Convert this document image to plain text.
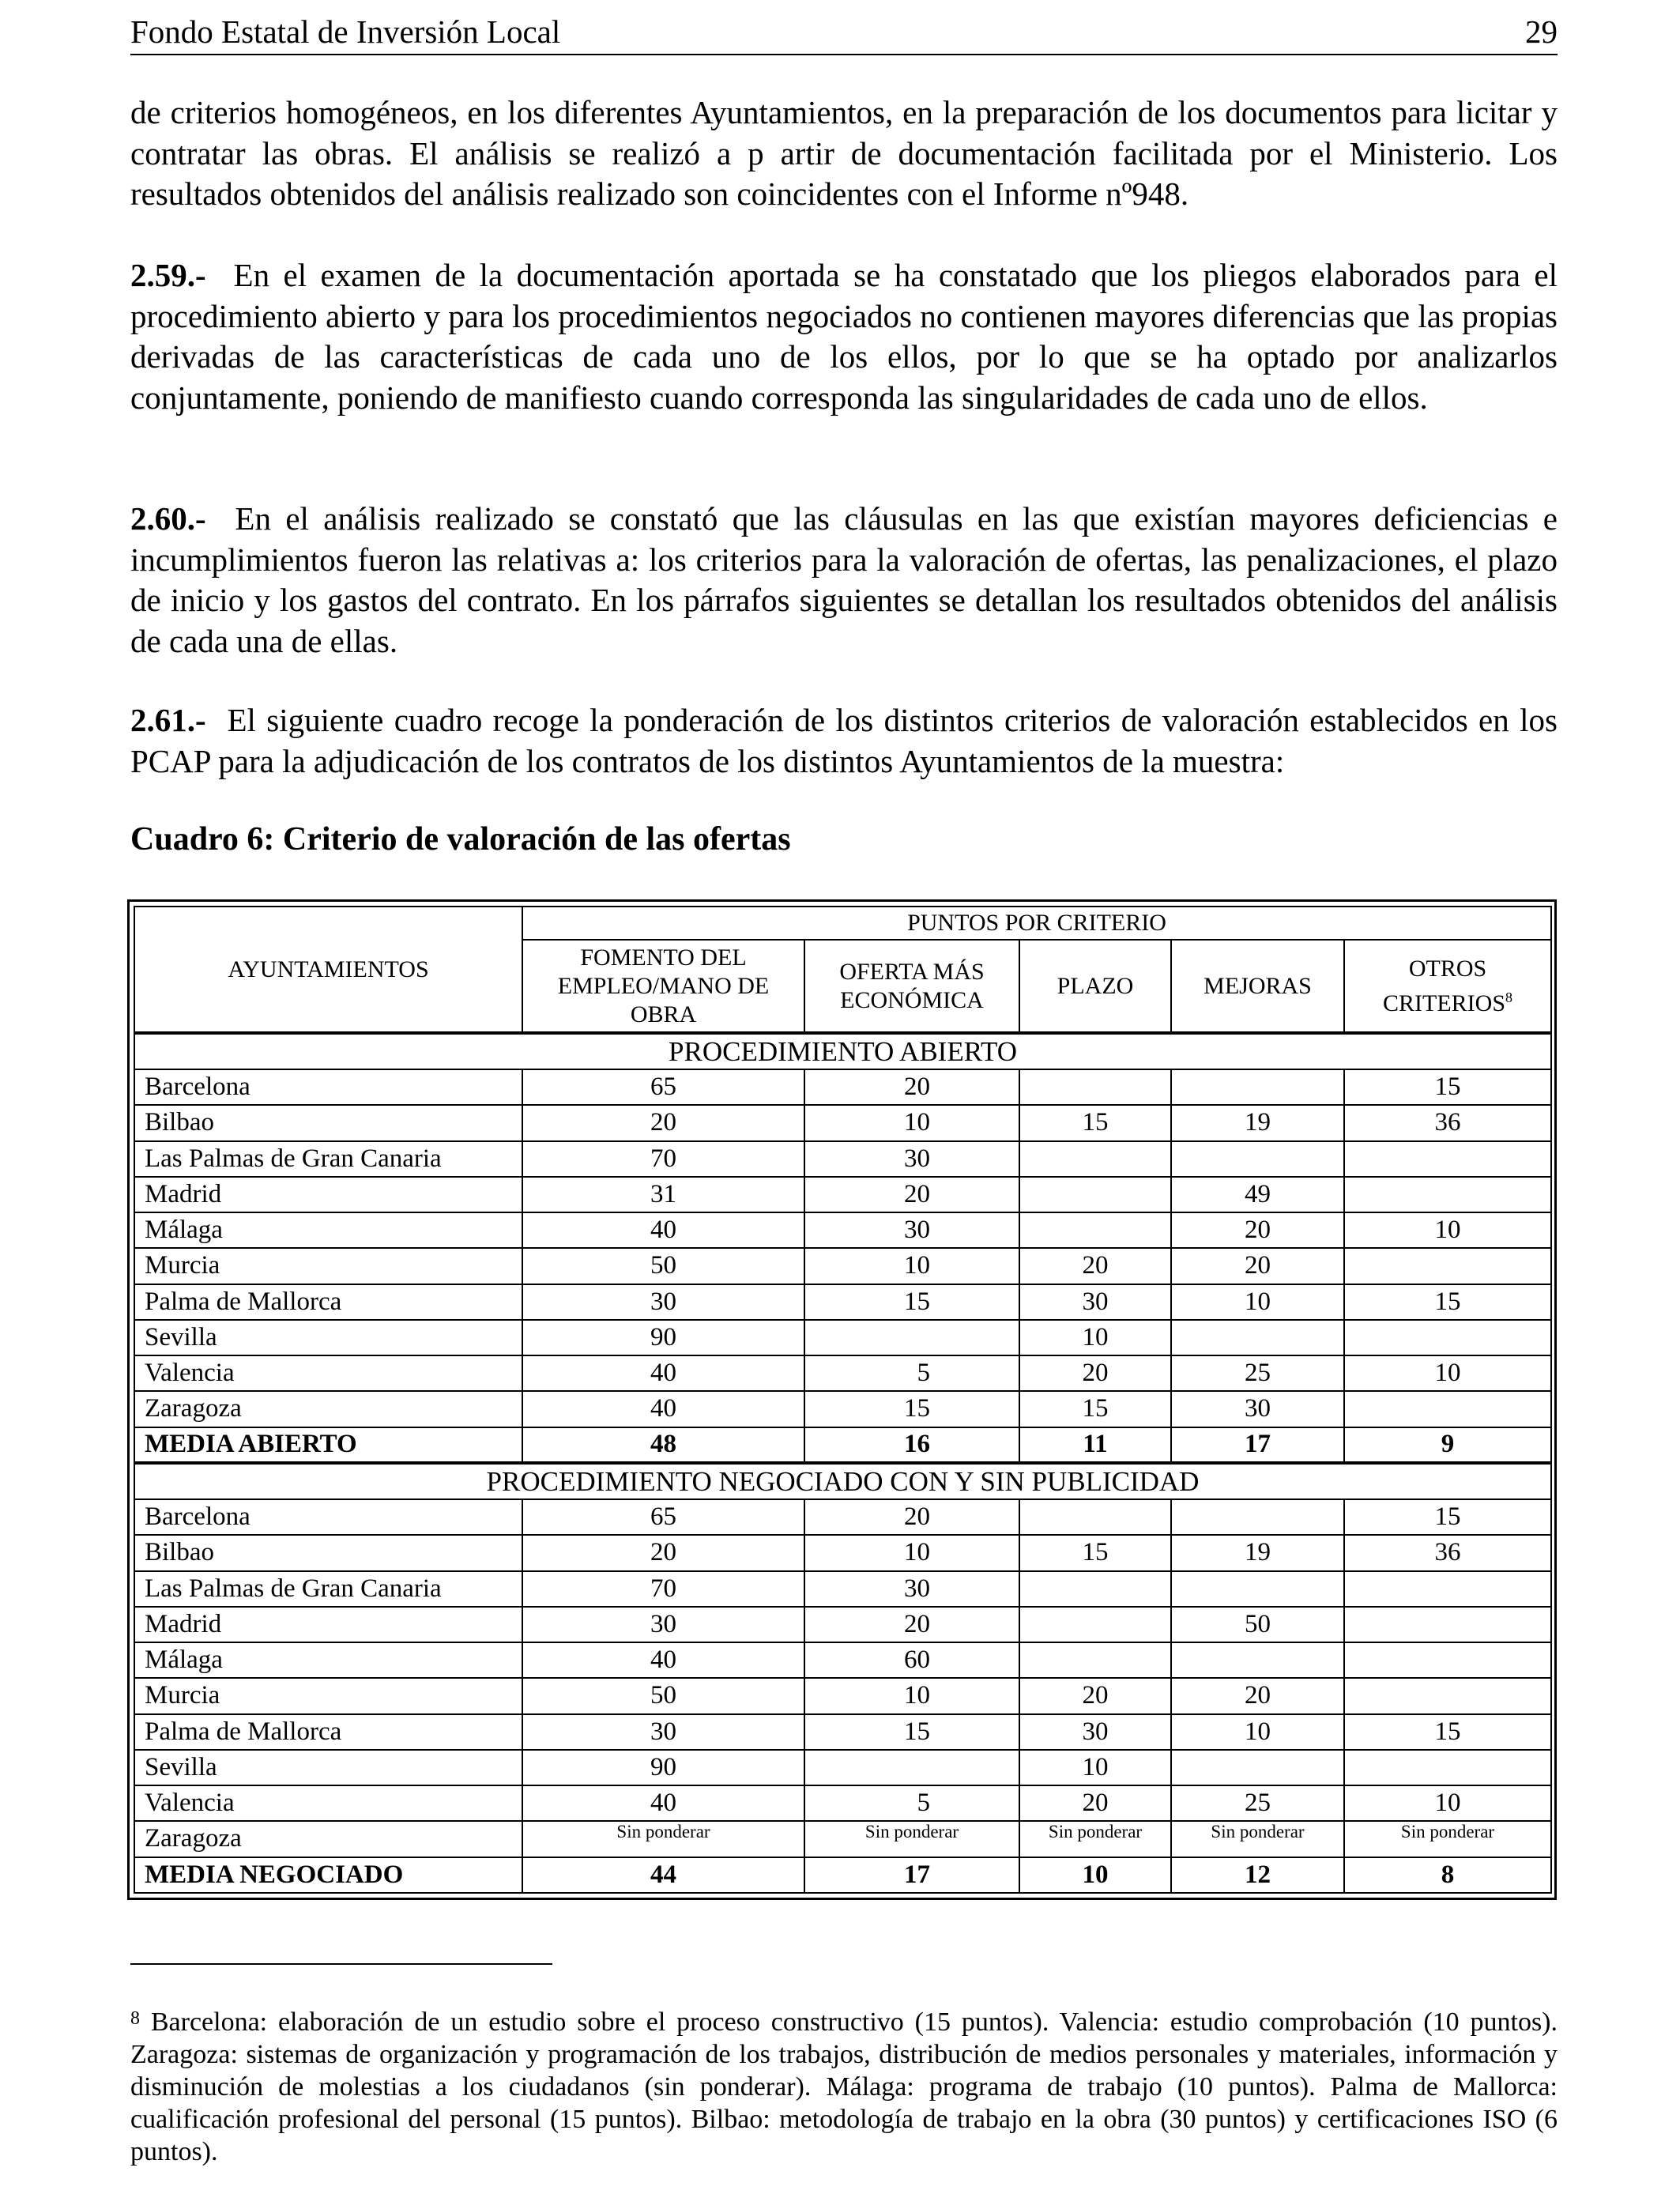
Fondo Estatal de Inversión Local	29

de criterios homogéneos, en los diferentes Ayuntamientos, en la preparación de los documentos para licitar y contratar las obras. El análisis se realizó a p artir de documentación facilitada por el Ministerio. Los resultados obtenidos del análisis realizado son coincidentes con el Informe nº948.

2.59.- En el examen de la documentación aportada se ha constatado que los pliegos elaborados para el procedimiento abierto y para los procedimientos negociados no contienen mayores diferencias que las propias derivadas de las características de cada uno de los ellos, por lo que se ha optado por analizarlos conjuntamente, poniendo de manifiesto cuando corresponda las singularidades de cada uno de ellos.

2.60.- En el análisis realizado se constató que las cláusulas en las que existían mayores deficiencias e incumplimientos fueron las relativas a: los criterios para la valoración de ofertas, las penalizaciones, el plazo de inicio y los gastos del contrato. En los párrafos siguientes se detallan los resultados obtenidos del análisis de cada una de ellas.

2.61.- El siguiente cuadro recoge la ponderación de los distintos criterios de valoración establecidos en los PCAP para la adjudicación de los contratos de los distintos Ayuntamientos de la muestra:

Cuadro 6: Criterio de valoración de las ofertas

AYUNTAMIENTOS	PUNTOS POR CRITERIO				
	FOMENTO DEL EMPLEO/MANO DE OBRA	OFERTA MÁS ECONÓMICA	PLAZO	MEJORAS	OTROS CRITERIOS$^8$
PROCEDIMIENTO ABIERTO					
Barcelona	65	20			15
Bilbao	20	10	15	19	36
Las Palmas de Gran Canaria	70	30			
Madrid	31	20		49	
Málaga	40	30		20	10
Murcia	50	10	20	20	
Palma de Mallorca	30	15	30	10	15
Sevilla	90		10		
Valencia	40	5	20	25	10
Zaragoza	40	15	15	30	
MEDIA ABIERTO	48	16	11	17	9
PROCEDIMIENTO NEGOCIADO CON Y SIN PUBLICIDAD					
Barcelona	65	20			15
Bilbao	20	10	15	19	36
Las Palmas de Gran Canaria	70	30			
Madrid	30	20		50	
Málaga	40	60			
Murcia	50	10	20	20	
Palma de Mallorca	30	15	30	10	15
Sevilla	90		10		
Valencia	40	5	20	25	10
Zaragoza	Sin ponderar	Sin ponderar	Sin ponderar	Sin ponderar	Sin ponderar
MEDIA NEGOCIADO	44	17	10	12	8

$^8$ Barcelona: elaboración de un estudio sobre el proceso constructivo (15 puntos). Valencia: estudio comprobación (10 puntos). Zaragoza: sistemas de organización y programación de los trabajos, distribución de medios personales y materiales, información y disminución de molestias a los ciudadanos (sin ponderar). Málaga: programa de trabajo (10 puntos). Palma de Mallorca: cualificación profesional del personal (15 puntos). Bilbao: metodología de trabajo en la obra (30 puntos) y certificaciones ISO (6 puntos).
